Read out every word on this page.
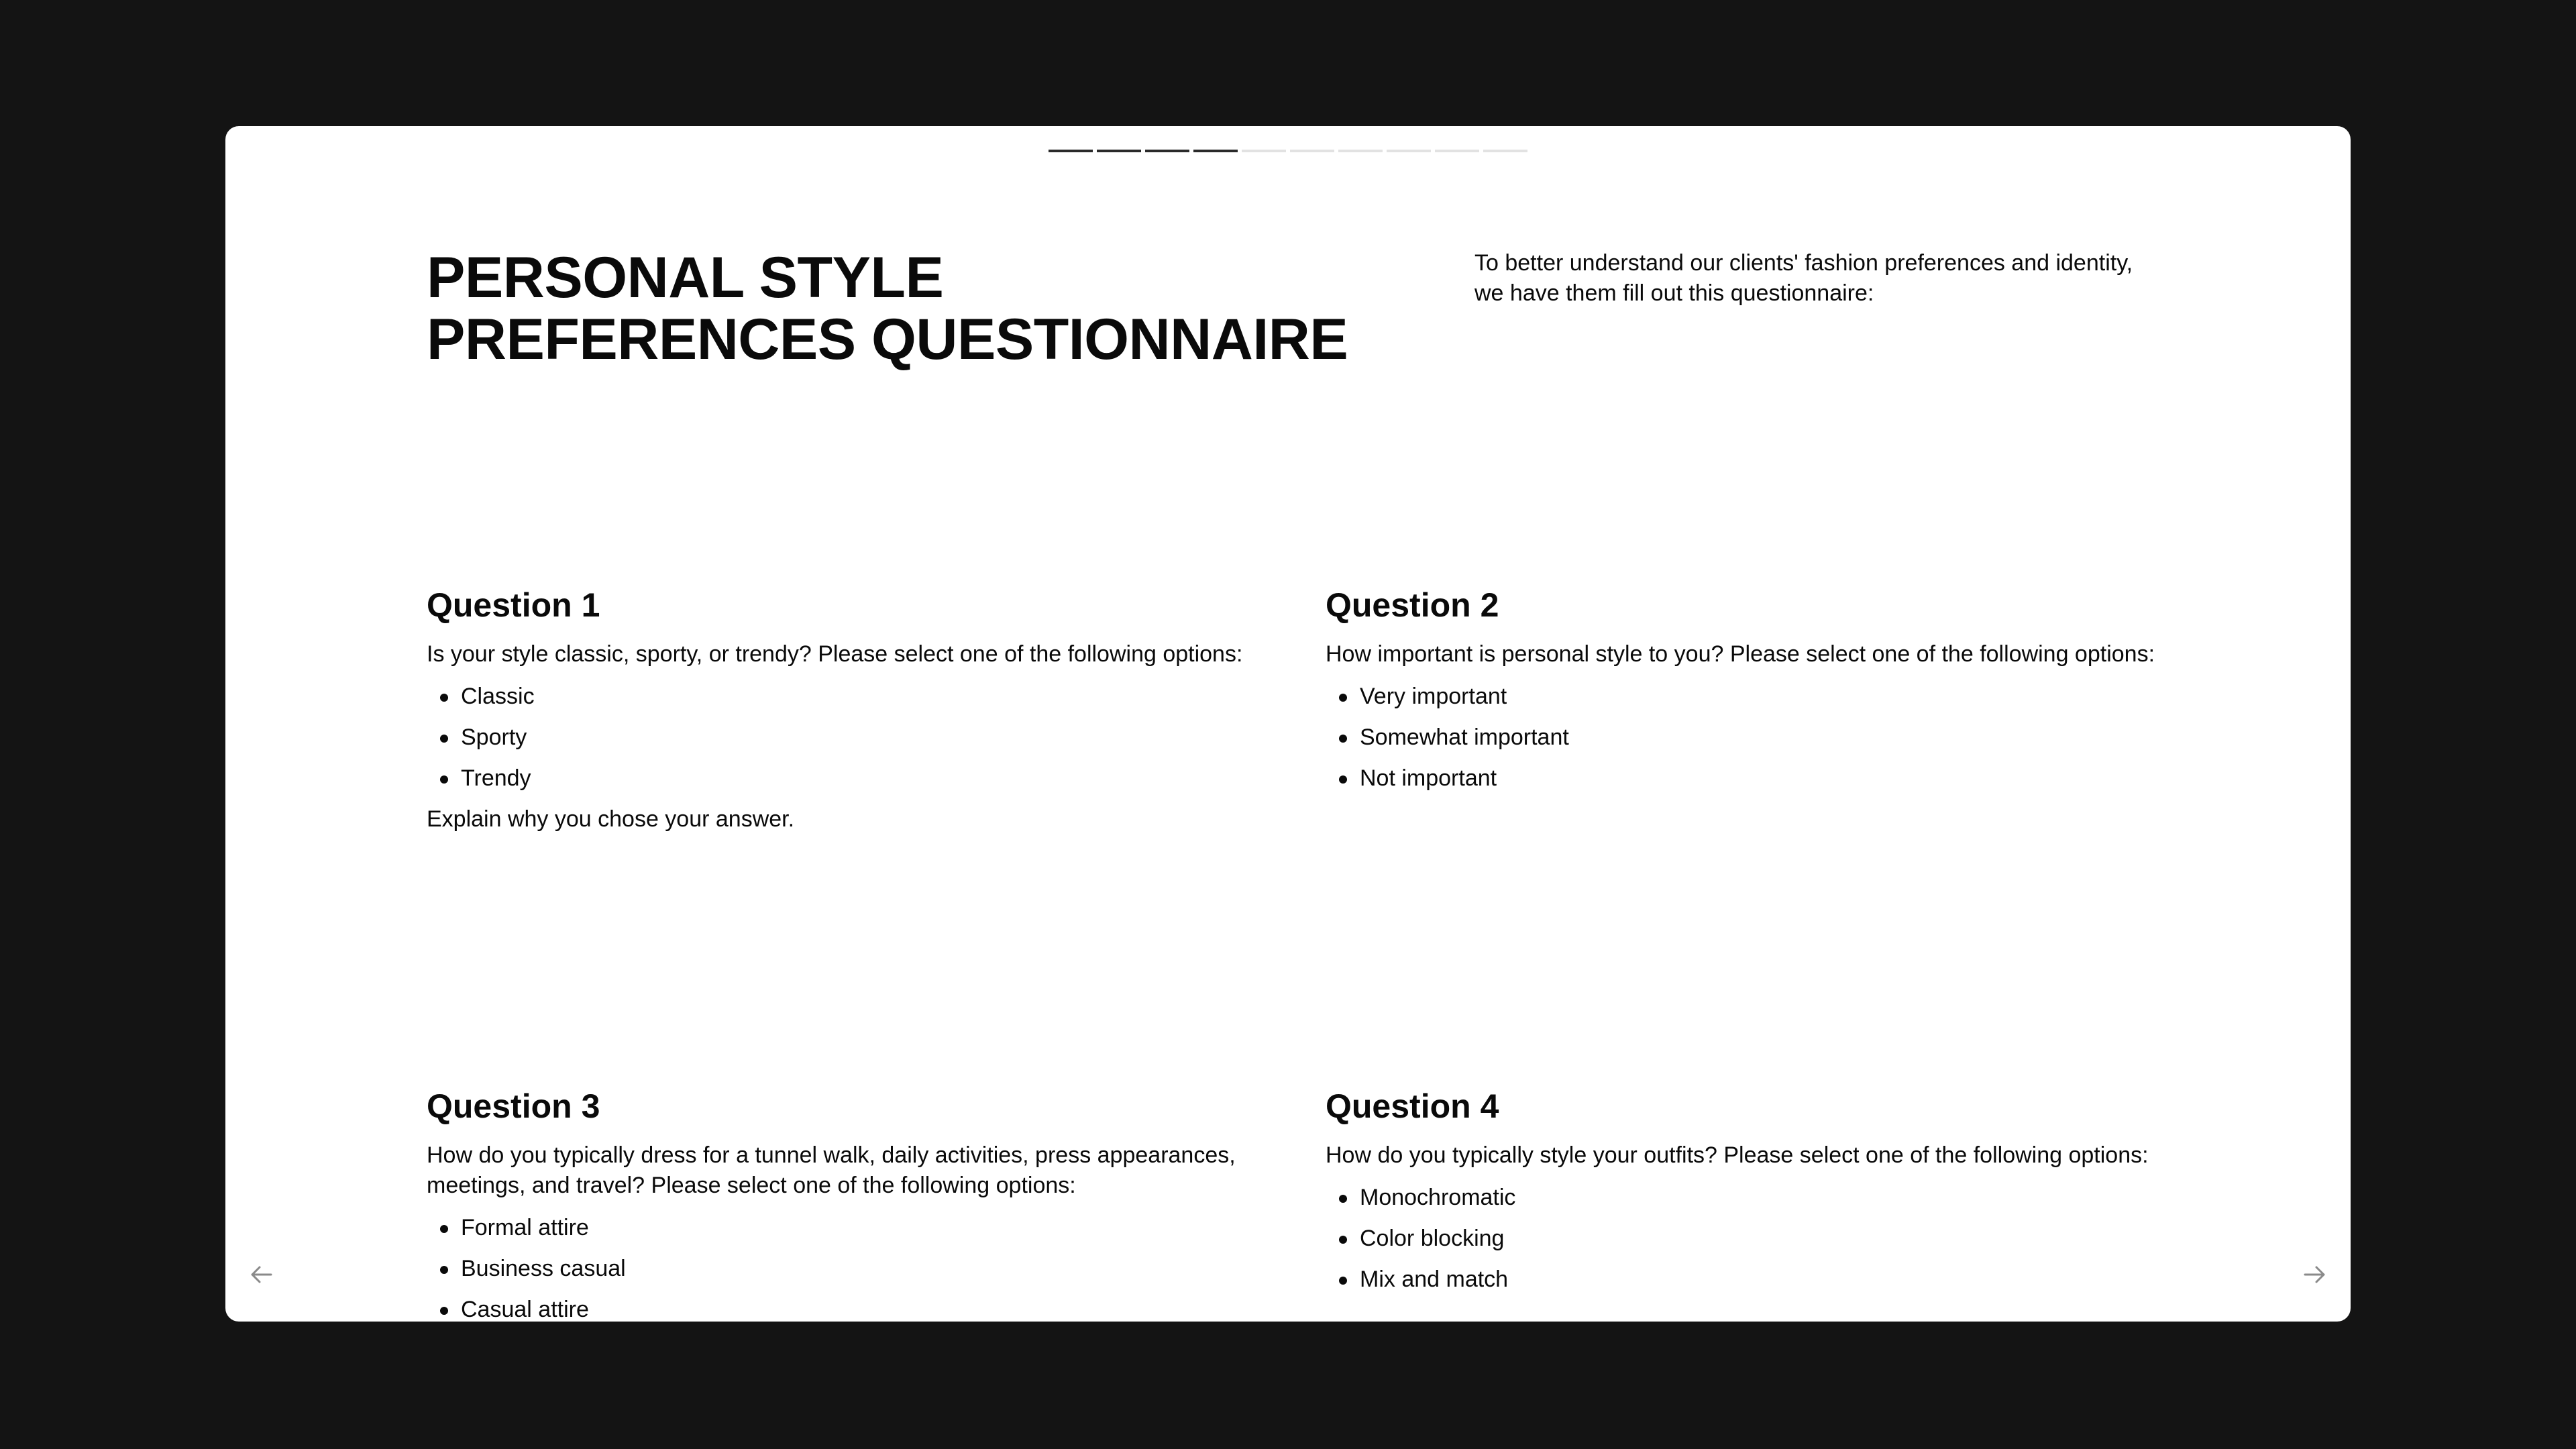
PERSONAL STYLE
PREFERENCES QUESTIONNAIRE

To better understand our clients' fashion preferences and identity, we have them fill out this questionnaire:

Question 1

Is your style classic, sporty, or trendy? Please select one of the following options:

Classic
Sporty
Trendy

Explain why you chose your answer.

Question 2

How important is personal style to you? Please select one of the following options:

Very important
Somewhat important
Not important
Question 3

How do you typically dress for a tunnel walk, daily activities, press appearances, meetings, and travel? Please select one of the following options:

Formal attire
Business casual
Casual attire
Question 4

How do you typically style your outfits? Please select one of the following options:

Monochromatic
Color blocking
Mix and match
